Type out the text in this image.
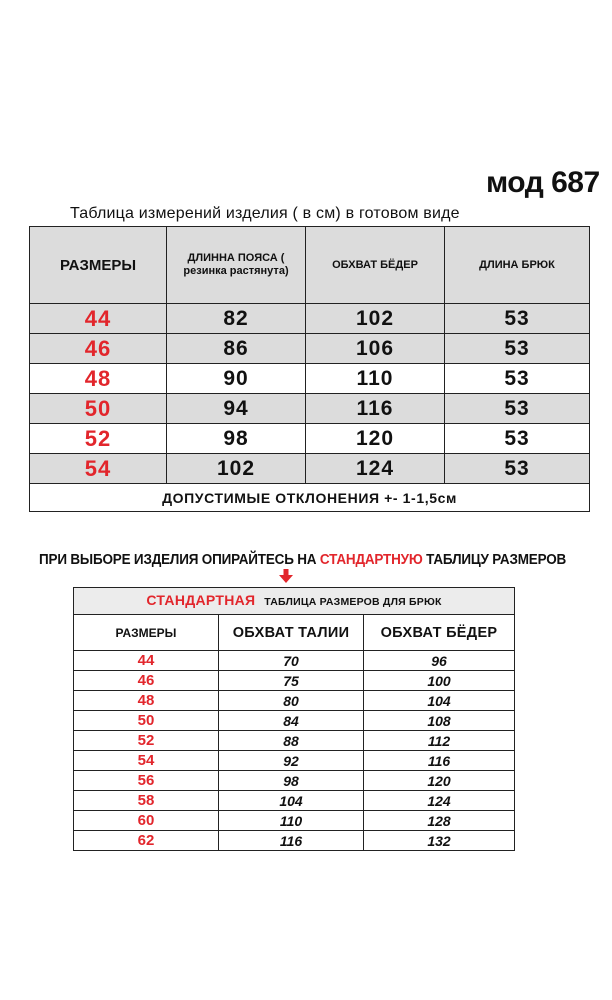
мод 687
Таблица измерений изделия ( в см) в готовом виде
РАЗМЕРЫ	ДЛИННА ПОЯСА ( резинка растянута)	ОБХВАТ БЁДЕР	ДЛИНА БРЮК
44	82	102	53
46	86	106	53
48	90	110	53
50	94	116	53
52	98	120	53
54	102	124	53
ДОПУСТИМЫЕ ОТКЛОНЕНИЯ +- 1-1,5см			
ПРИ ВЫБОРЕ ИЗДЕЛИЯ ОПИРАЙТЕСЬ НА СТАНДАРТНУЮ ТАБЛИЦУ РАЗМЕРОВ
СТАНДАРТНАЯ ТАБЛИЦА РАЗМЕРОВ ДЛЯ БРЮК		
РАЗМЕРЫ	ОБХВАТ ТАЛИИ	ОБХВАТ БЁДЕР
44	70	96
46	75	100
48	80	104
50	84	108
52	88	112
54	92	116
56	98	120
58	104	124
60	110	128
62	116	132
